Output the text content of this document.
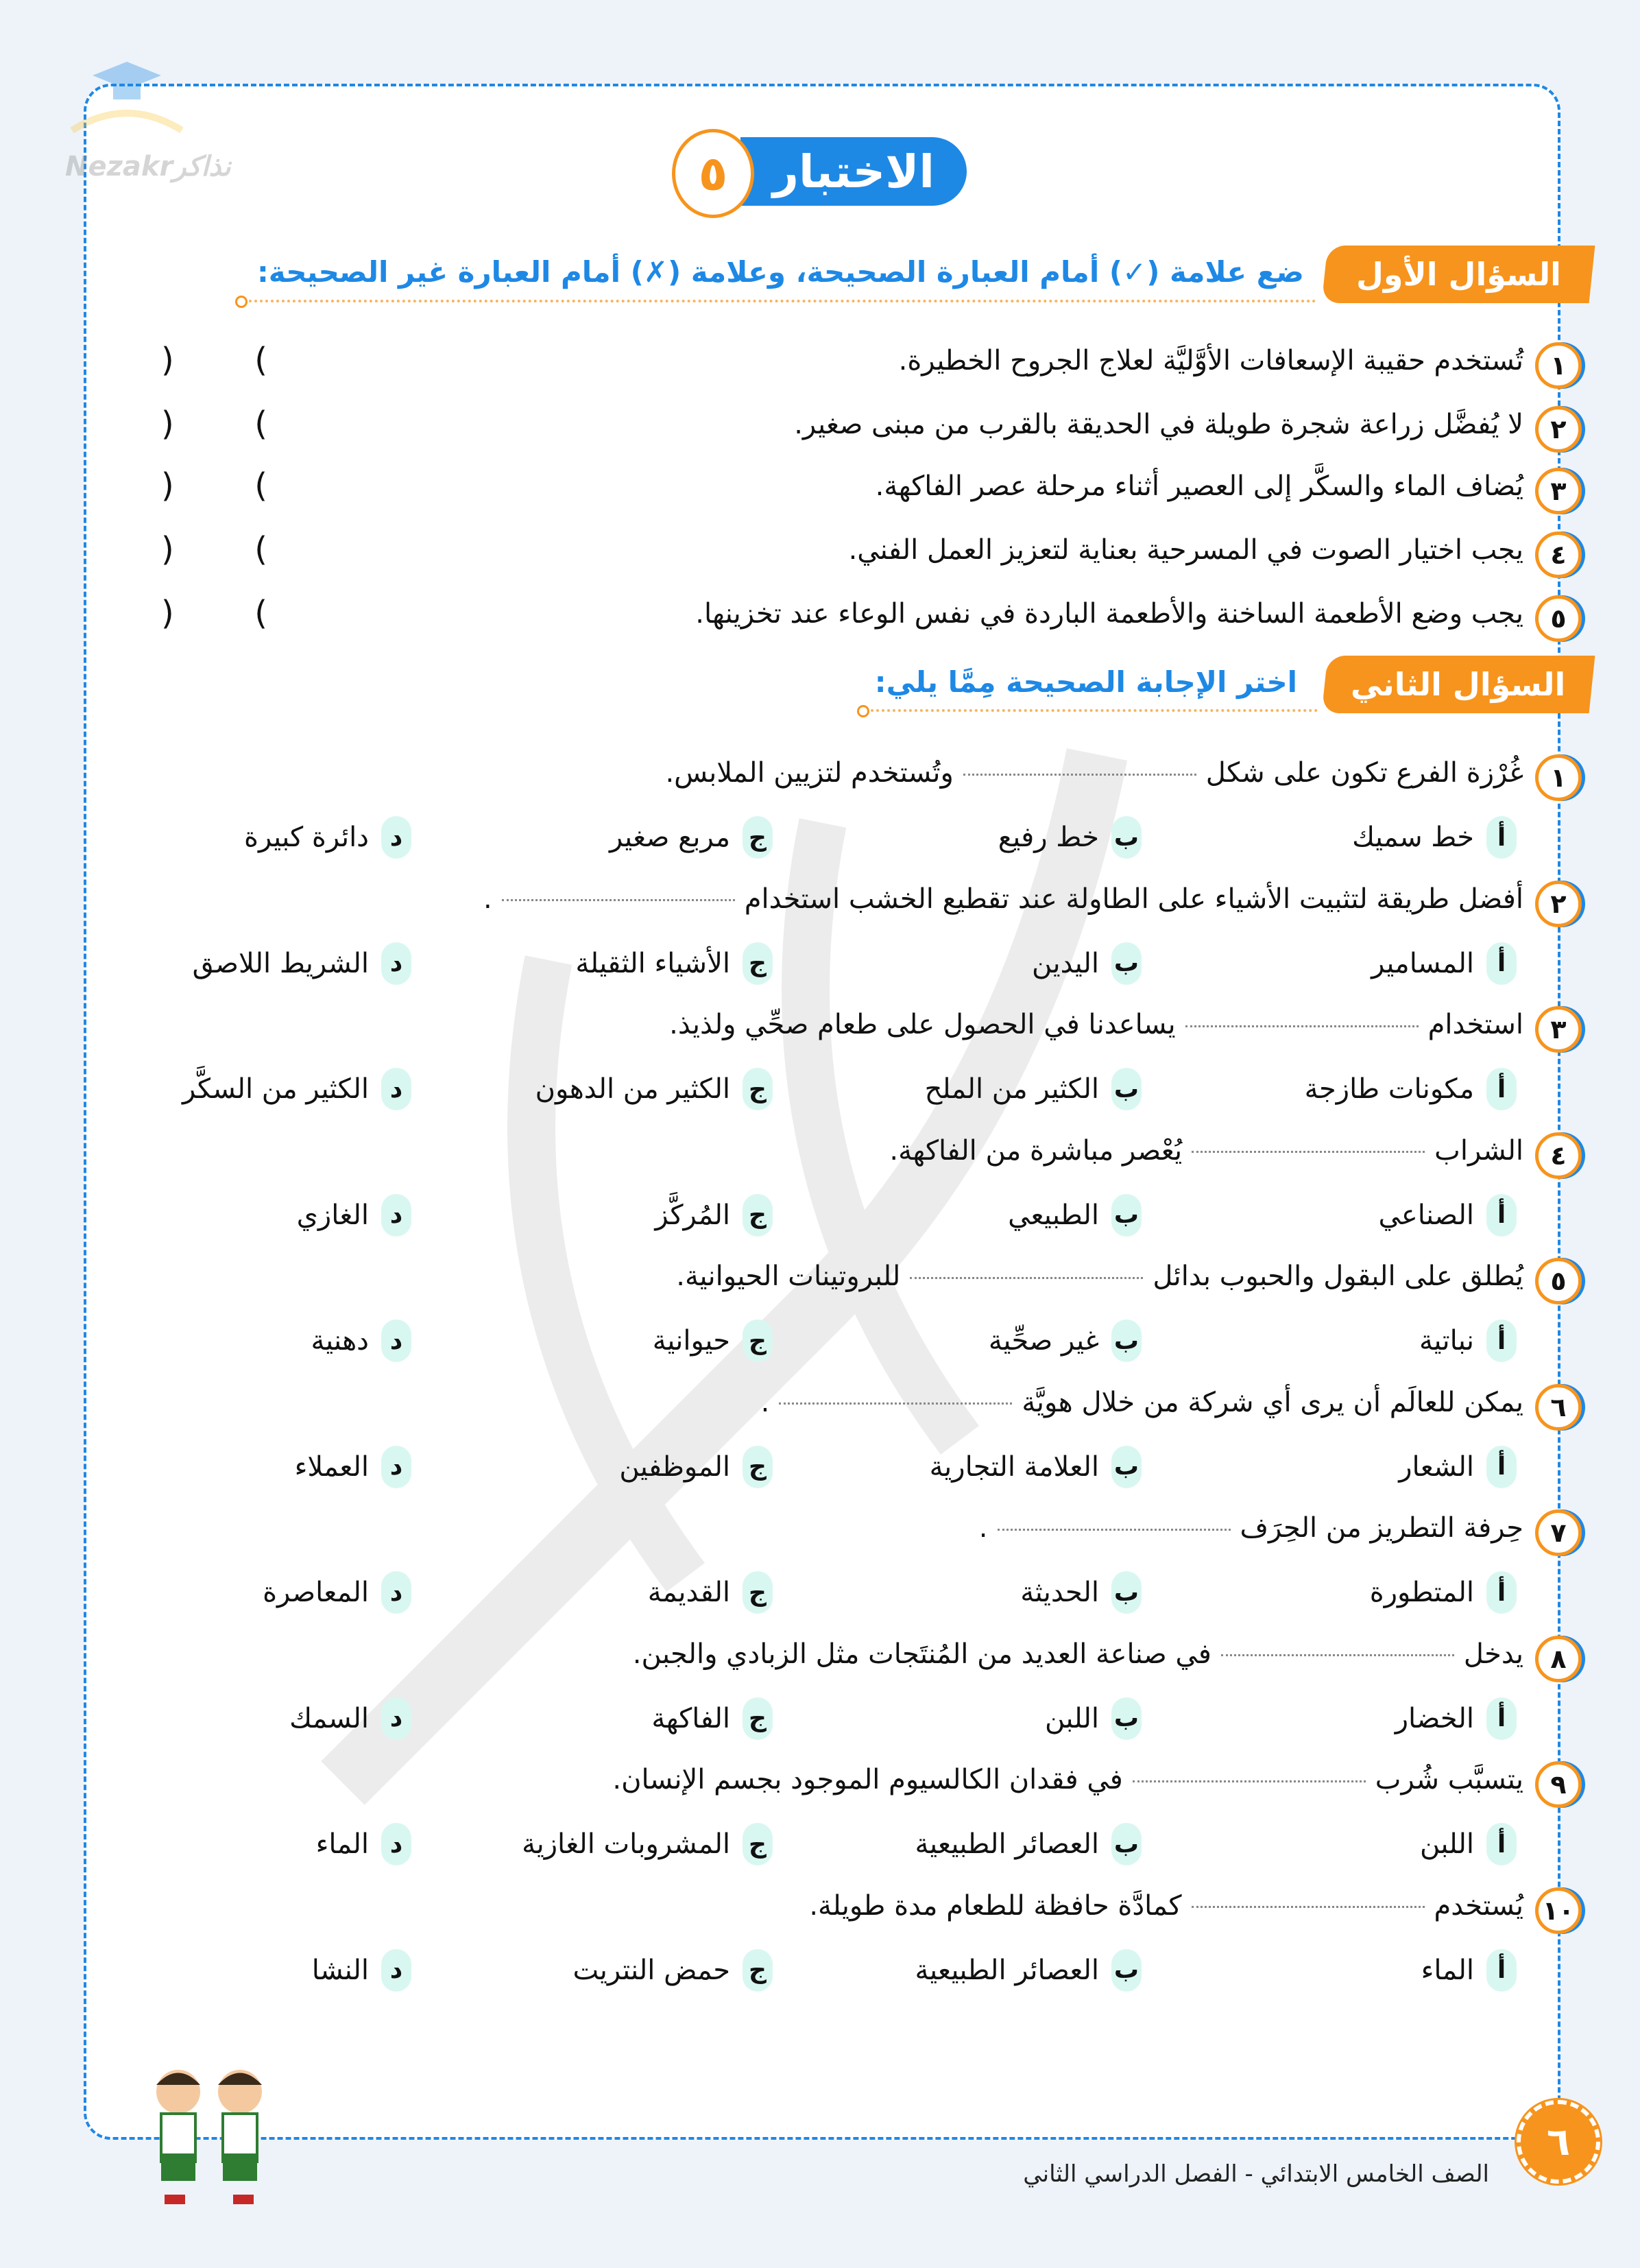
Nezakrنذاكر	الاختبار
٥
السؤال الأول
ضع علامة (✓) أمام العبارة الصحيحة، وعلامة (✗) أمام العبارة غير الصحيحة:
١
تُستخدم حقيبة الإسعافات الأوَّليَّة لعلاج الجروح الخطيرة.
) (
٢
لا يُفضَّل زراعة شجرة طويلة في الحديقة بالقرب من مبنى صغير.
) (
٣
يُضاف الماء والسكَّر إلى العصير أثناء مرحلة عصر الفاكهة.
) (
٤
يجب اختيار الصوت في المسرحية بعناية لتعزيز العمل الفني.
) (
٥
يجب وضع الأطعمة الساخنة والأطعمة الباردة في نفس الوعاء عند تخزينها.
) (
السؤال الثاني
اختر الإجابة الصحيحة مِمَّا يلي:
١
غُرْزة الفرع تكون على شكلوتُستخدم لتزيين الملابس.
أ
خط سميك
ب
خط رفيع
ج
مربع صغير
د
دائرة كبيرة
٢
أفضل طريقة لتثبيت الأشياء على الطاولة عند تقطيع الخشب استخدام.
أ
المسامير
ب
اليدين
ج
الأشياء الثقيلة
د
الشريط اللاصق
٣
استخداميساعدنا في الحصول على طعام صحِّي ولذيذ.
أ
مكونات طازجة
ب
الكثير من الملح
ج
الكثير من الدهون
د
الكثير من السكَّر
٤
الشرابيُعْصر مباشرة من الفاكهة.
أ
الصناعي
ب
الطبيعي
ج
المُركَّز
د
الغازي
٥
يُطلق على البقول والحبوب بدائلللبروتينات الحيوانية.
أ
نباتية
ب
غير صحِّية
ج
حيوانية
د
دهنية
٦
يمكن للعالَم أن يرى أي شركة من خلال هويَّة.
أ
الشعار
ب
العلامة التجارية
ج
الموظفين
د
العملاء
٧
حِرفة التطريز من الحِرَف.
أ
المتطورة
ب
الحديثة
ج
القديمة
د
المعاصرة
٨
يدخلفي صناعة العديد من المُنتَجات مثل الزبادي والجبن.
أ
الخضار
ب
اللبن
ج
الفاكهة
د
السمك
٩
يتسبَّب شُربفي فقدان الكالسيوم الموجود بجسم الإنسان.
أ
اللبن
ب
العصائر الطبيعية
ج
المشروبات الغازية
د
الماء
١٠
يُستخدمكمادَّة حافظة للطعام مدة طويلة.
أ
الماء
ب
العصائر الطبيعية
ج
حمض النتريت
د
النشا
٦
الصف الخامس الابتدائي - الفصل الدراسي الثاني
